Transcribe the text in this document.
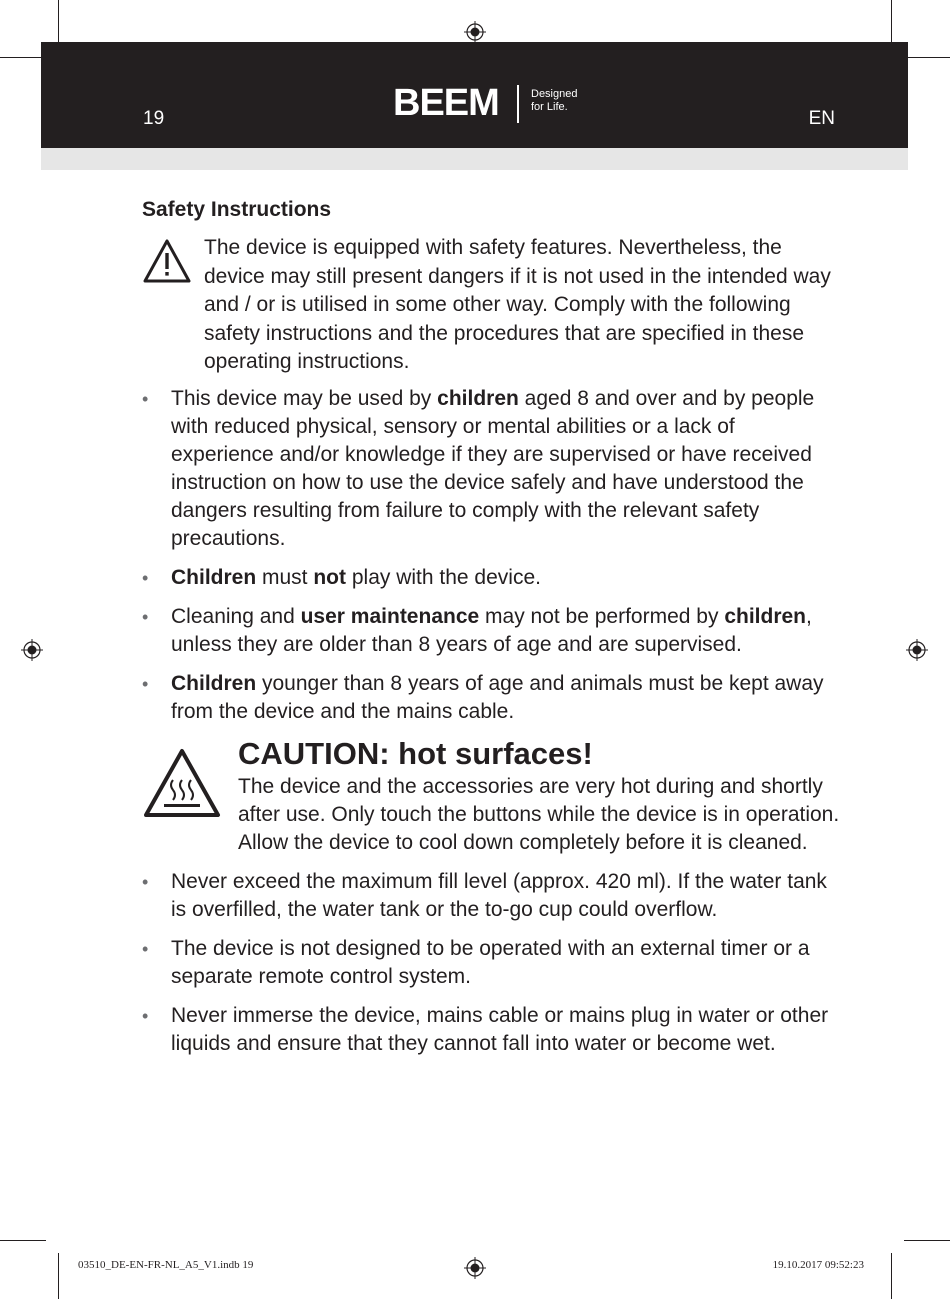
19	BEEM	Designed
for Life.
EN
Safety Instructions
The device is equipped with safety features. Nevertheless, the device may still present dangers if it is not used in the intended way and / or is utilised in some other way. Comply with the following safety instructions and the procedures that are specified in these operating instructions.
• This device may be used by children aged 8 and over and by people with reduced physical, sensory or mental abilities or a lack of experience and/or knowledge if they are supervised or have received instruction on how to use the device safely and have understood the dangers resulting from failure to comply with the relevant safety precautions.
• Children must not play with the device.
• Cleaning and user maintenance may not be performed by children, unless they are older than 8 years of age and are supervised.
• Children younger than 8 years of age and animals must be kept away from the device and the mains cable.
CAUTION: hot surfaces!
The device and the accessories are very hot during and shortly after use. Only touch the buttons while the device is in operation. Allow the device to cool down completely before it is cleaned.
• Never exceed the maximum fill level (approx. 420 ml). If the water tank is overfilled, the water tank or the to-go cup could overflow.
• The device is not designed to be operated with an external timer or a separate remote control system.
• Never immerse the device, mains cable or mains plug in water or other liquids and ensure that they cannot fall into water or become wet.
03510_DE-EN-FR-NL_A5_V1.indb 19	19.10.2017 09:52:23
